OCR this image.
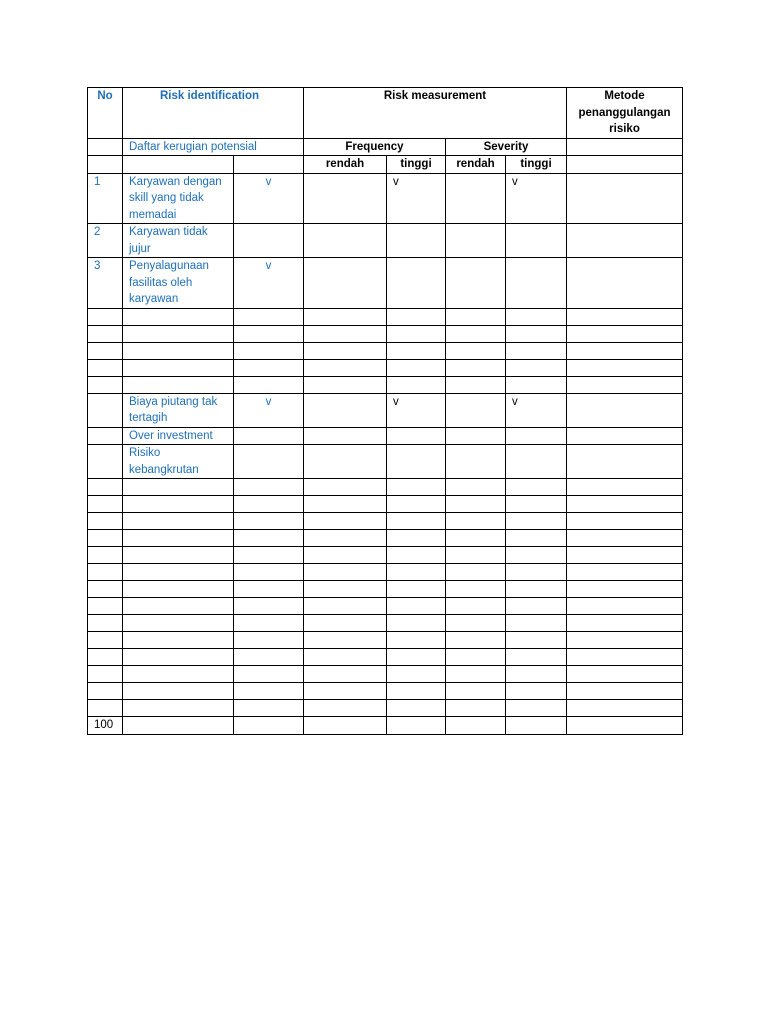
No	Risk identification		Risk measurement				Metode penanggulangan risiko
	Daftar kerugian potensial		Frequency		Severity		
			rendah	tinggi	rendah	tinggi	
1	Karyawan dengan skill yang tidak memadai	v		v		v	
2	Karyawan tidak jujur						
3	Penyalagunaan fasilitas oleh karyawan	v					

	Biaya piutang tak tertagih	v		v		v	
	Over investment						
	Risiko kebangkrutan						

100							
